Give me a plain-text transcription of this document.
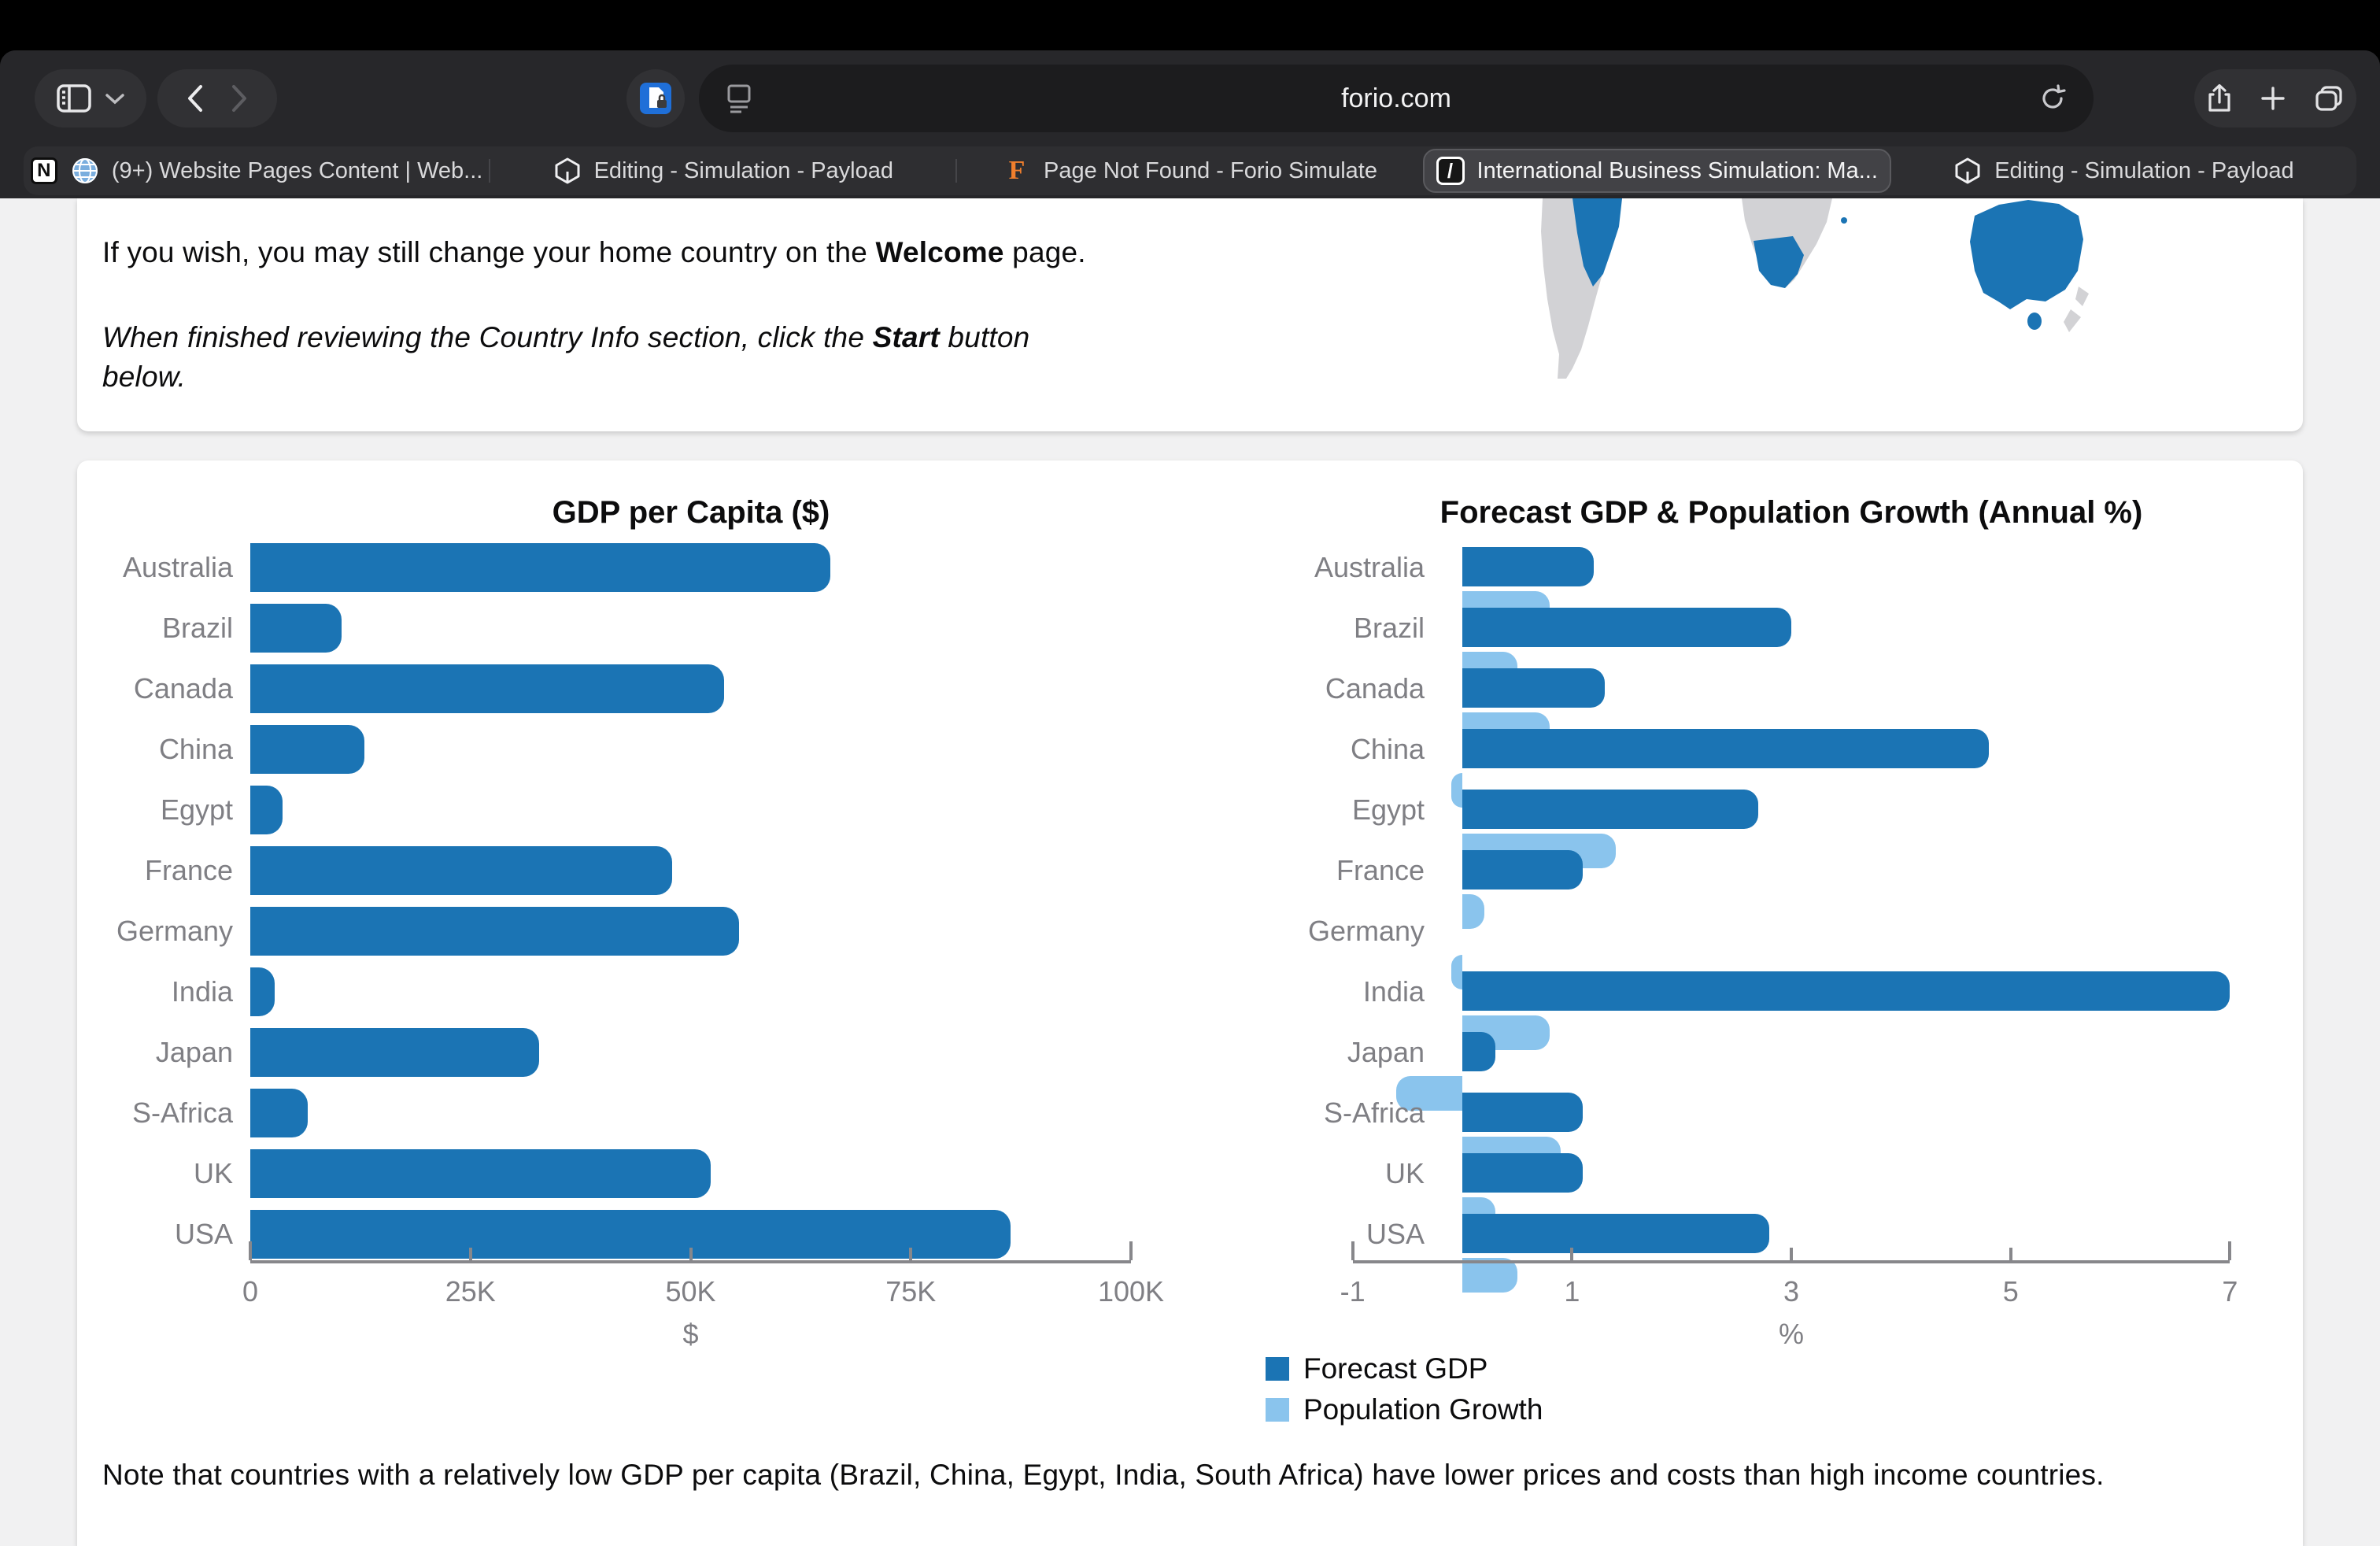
forio.com
N	(9+) Website Pages Content | Web...	Editing - Simulation - Payload	F Page Not Found - Forio Simulate	/	International Business Simulation: Ma...	Editing - Simulation - Payload
If you wish, you may still change your home country on the Welcome page.
When finished reviewing the Country Info section, click the Start button
below.
GDP per Capita ($)	Forecast GDP & Population Growth (Annual %)
Australia
Brazil
Canada
China
Egypt
France
Germany
India
Japan
S-Africa
UK
USA
0	25K	50K	75K	100K
$
Australia
Brazil
Canada
China
Egypt
France
Germany
India
Japan
S-Africa
UK
USA
-1	1	3	5	7
%
Forecast GDP
Population Growth
Note that countries with a relatively low GDP per capita (Brazil, China, Egypt, India, South Africa) have lower prices and costs than high income countries.
